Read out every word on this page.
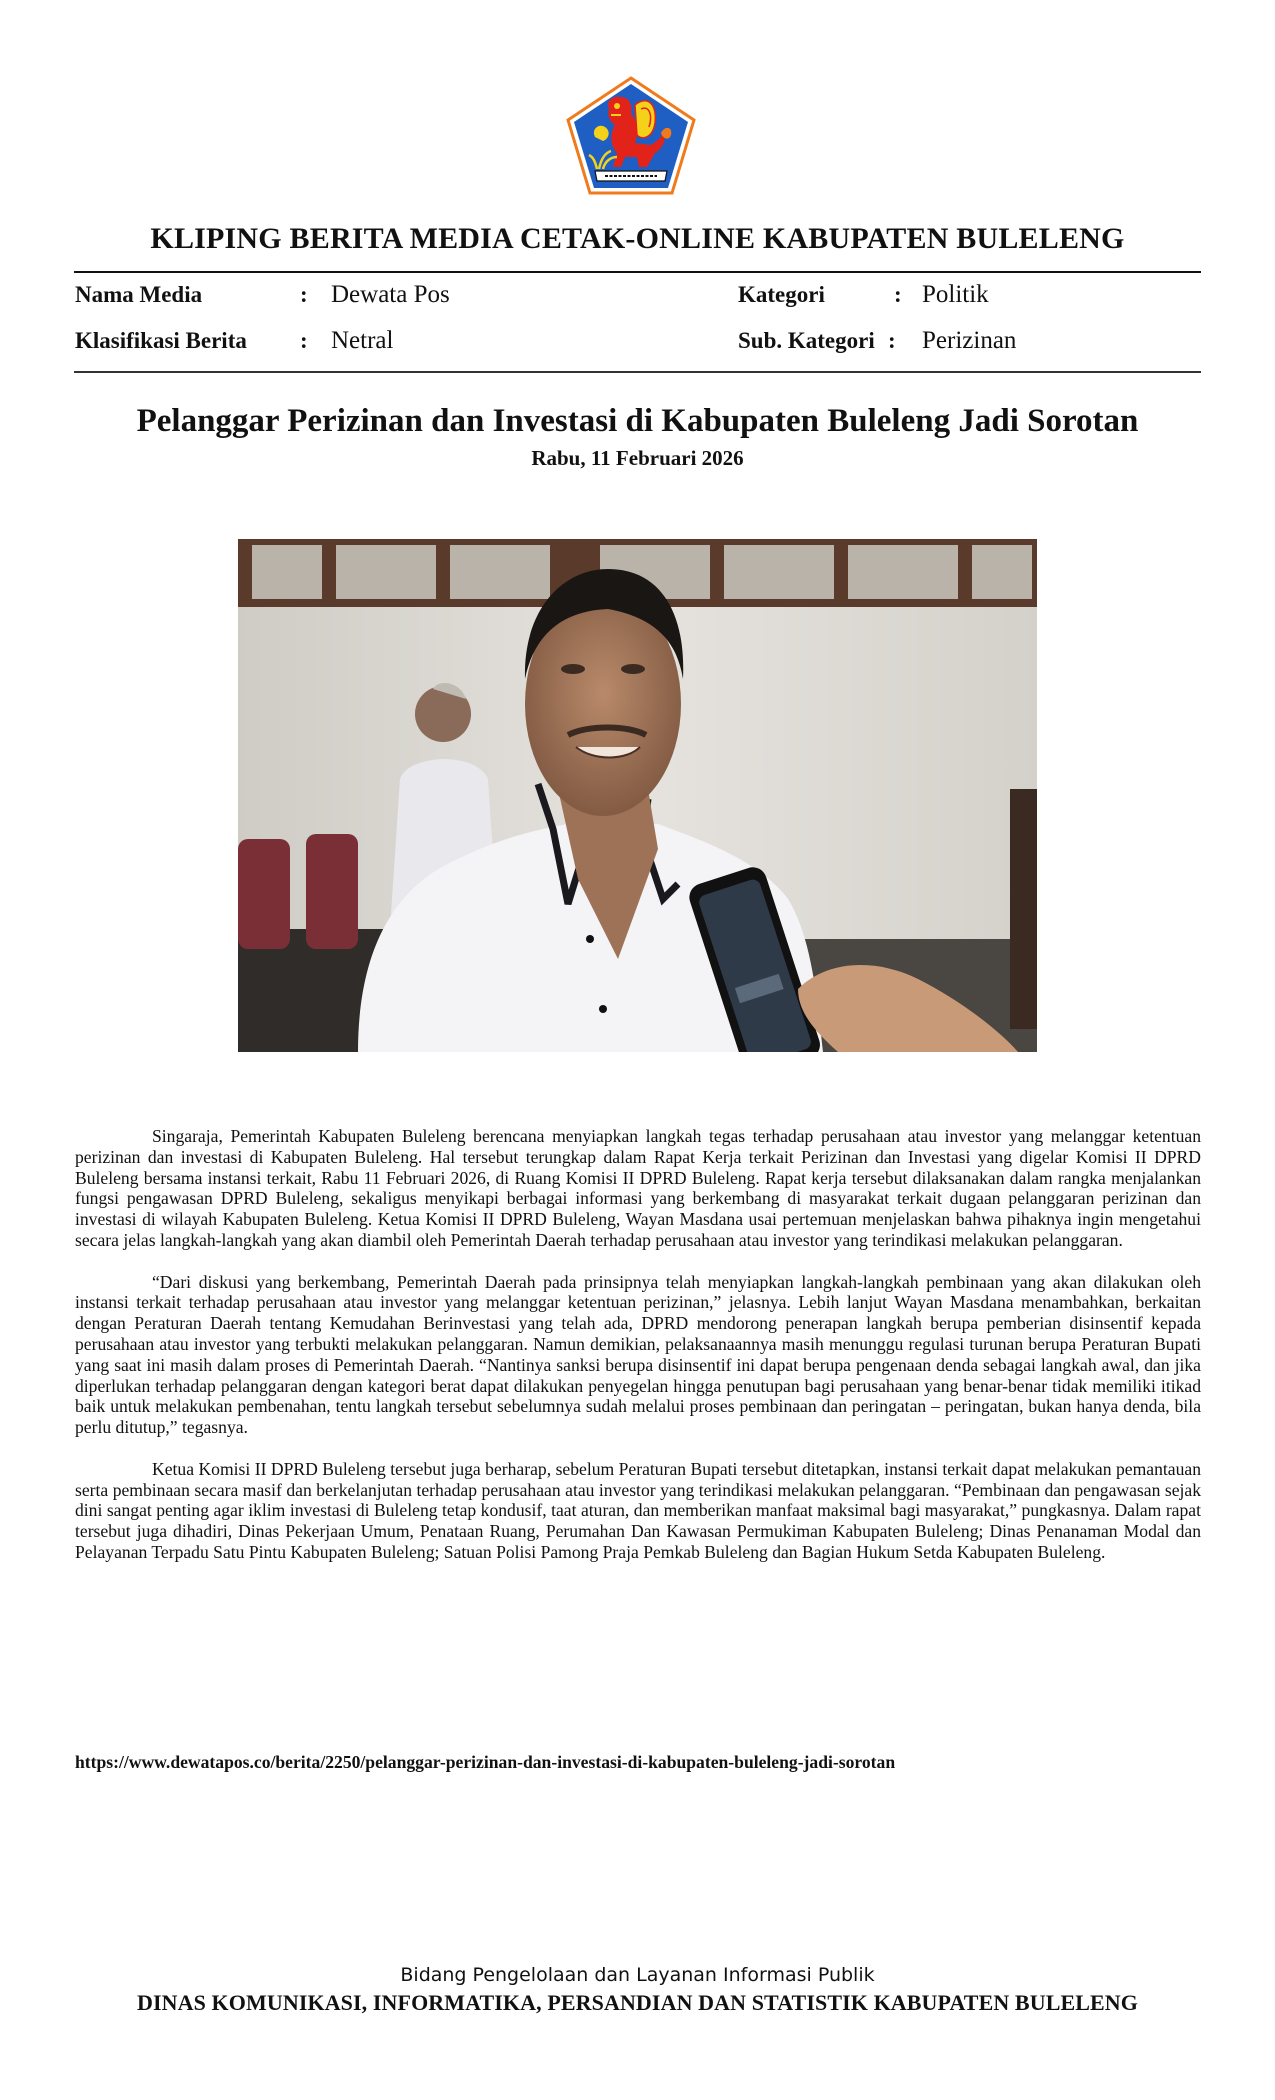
KLIPING BERITA MEDIA CETAK-ONLINE KABUPATEN BULELENG
Nama Media	: Dewata Pos
Klasifikasi Berita : Netral
Kategori	: Politik
Sub. Kategori : Perizinan
Pelanggar Perizinan dan Investasi di Kabupaten Buleleng Jadi Sorotan
Rabu, 11 Februari 2026

Singaraja, Pemerintah Kabupaten Buleleng berencana menyiapkan langkah tegas terhadap perusahaan atau investor yang melanggar ketentuan perizinan dan investasi di Kabupaten Buleleng. Hal tersebut terungkap dalam Rapat Kerja terkait Perizinan dan Investasi yang digelar Komisi II DPRD Buleleng bersama instansi terkait, Rabu 11 Februari 2026, di Ruang Komisi II DPRD Buleleng. Rapat kerja tersebut dilaksanakan dalam rangka menjalankan fungsi pengawasan DPRD Buleleng, sekaligus menyikapi berbagai informasi yang berkembang di masyarakat terkait dugaan pelanggaran perizinan dan investasi di wilayah Kabupaten Buleleng. Ketua Komisi II DPRD Buleleng, Wayan Masdana usai pertemuan menjelaskan bahwa pihaknya ingin mengetahui secara jelas langkah-langkah yang akan diambil oleh Pemerintah Daerah terhadap perusahaan atau investor yang terindikasi melakukan pelanggaran.

“Dari diskusi yang berkembang, Pemerintah Daerah pada prinsipnya telah menyiapkan langkah-langkah pembinaan yang akan dilakukan oleh instansi terkait terhadap perusahaan atau investor yang melanggar ketentuan perizinan,” jelasnya. Lebih lanjut Wayan Masdana menambahkan, berkaitan dengan Peraturan Daerah tentang Kemudahan Berinvestasi yang telah ada, DPRD mendorong penerapan langkah berupa pemberian disinsentif kepada perusahaan atau investor yang terbukti melakukan pelanggaran. Namun demikian, pelaksanaannya masih menunggu regulasi turunan berupa Peraturan Bupati yang saat ini masih dalam proses di Pemerintah Daerah. “Nantinya sanksi berupa disinsentif ini dapat berupa pengenaan denda sebagai langkah awal, dan jika diperlukan terhadap pelanggaran dengan kategori berat dapat dilakukan penyegelan hingga penutupan bagi perusahaan yang benar-benar tidak memiliki itikad baik untuk melakukan pembenahan, tentu langkah tersebut sebelumnya sudah melalui proses pembinaan dan peringatan – peringatan, bukan hanya denda, bila perlu ditutup,” tegasnya.

Ketua Komisi II DPRD Buleleng tersebut juga berharap, sebelum Peraturan Bupati tersebut ditetapkan, instansi terkait dapat melakukan pemantauan serta pembinaan secara masif dan berkelanjutan terhadap perusahaan atau investor yang terindikasi melakukan pelanggaran. “Pembinaan dan pengawasan sejak dini sangat penting agar iklim investasi di Buleleng tetap kondusif, taat aturan, dan memberikan manfaat maksimal bagi masyarakat,” pungkasnya. Dalam rapat tersebut juga dihadiri, Dinas Pekerjaan Umum, Penataan Ruang, Perumahan Dan Kawasan Permukiman Kabupaten Buleleng; Dinas Penanaman Modal dan Pelayanan Terpadu Satu Pintu Kabupaten Buleleng; Satuan Polisi Pamong Praja Pemkab Buleleng dan Bagian Hukum Setda Kabupaten Buleleng.

https://www.dewatapos.co/berita/2250/pelanggar-perizinan-dan-investasi-di-kabupaten-buleleng-jadi-sorotan
Bidang Pengelolaan dan Layanan Informasi Publik
DINAS KOMUNIKASI, INFORMATIKA, PERSANDIAN DAN STATISTIK KABUPATEN BULELENG
